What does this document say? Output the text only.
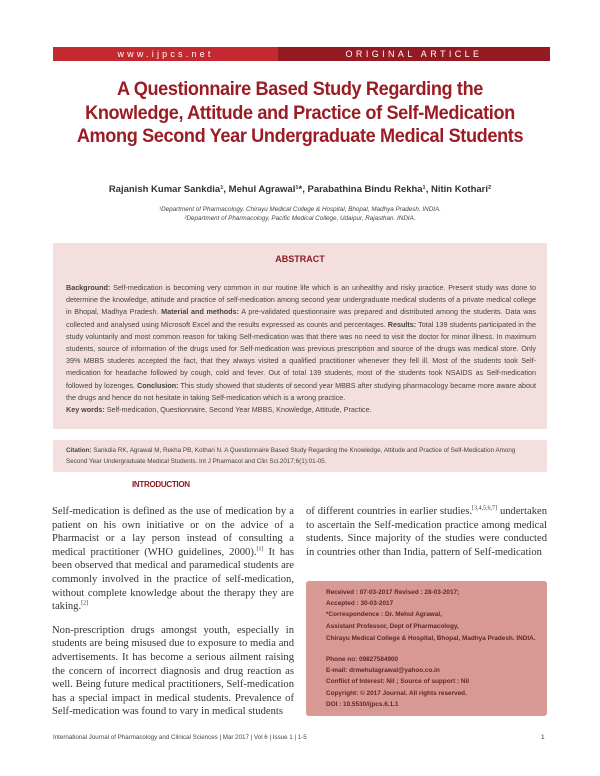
www.ijpcs.net	ORIGINAL ARTICLE
A Questionnaire Based Study Regarding the Knowledge, Attitude and Practice of Self-Medication Among Second Year Undergraduate Medical Students
Rajanish Kumar Sankdia¹, Mehul Agrawal¹*, Parabathina Bindu Rekha¹, Nitin Kothari²
¹Department of Pharmacology, Chirayu Medical College & Hospital, Bhopal, Madhya Pradesh. INDIA.
²Department of Pharmacology, Pacific Medical College, Udaipur, Rajasthan. INDIA.
ABSTRACT

Background: Self-medication is becoming very common in our routine life which is an unhealthy and risky practice. Present study was done to determine the knowledge, attitude and practice of self-medication among second year undergraduate medical students of a private medical college in Bhopal, Madhya Pradesh. Material and methods: A pre-validated questionnaire was prepared and distributed among the students. Data was collected and analysed using Microsoft Excel and the results expressed as counts and percentages. Results: Total 139 students participated in the study voluntarily and most common reason for taking Self-medication was that there was no need to visit the doctor for minor illness. In maximum students, source of information of the drugs used for Self-medication was previous prescription and source of the drugs was medical store. Only 39% MBBS students accepted the fact, that they always visited a qualified practitioner whenever they fell ill. Most of the students took Self-medication for headache followed by cough, cold and fever. Out of total 139 students, most of the students took NSAIDS as Self-medication followed by lozenges. Conclusion: This study showed that students of second year MBBS after studying pharmacology became more aware about the drugs and hence do not hesitate in taking Self-medication which is a wrong practice.
Key words: Self-medication, Questionnaire, Second Year MBBS, Knowledge, Attitude, Practice.

Citation: Sankdia RK, Agrawal M, Rekha PB, Kothari N. A Questionnaire Based Study Regarding the Knowledge, Attitude and Practice of Self-Medication Among Second Year Undergraduate Medical Students. Int J Pharmacol and Clin Sci.2017;6(1):01-05.

INTRODUCTION

Self-medication is defined as the use of medication by a patient on his own initiative or on the advice of a Pharmacist or a lay person instead of consulting a medical practitioner (WHO guidelines, 2000).[1] It has been observed that medical and paramedical students are commonly involved in the practice of self-medication, without complete knowledge about the therapy they are taking.[2]

Non-prescription drugs amongst youth, especially in students are being misused due to exposure to media and advertisements. It has become a serious ailment raising the concern of incorrect diagnosis and drug reaction as well. Being future medical practitioners, Self-medication has a special impact in medical students. Prevalence of Self-medication was found to vary in medical students

of different countries in earlier studies.[3,4,5,6,7] undertaken to ascertain the Self-medication practice among medical students. Since majority of the studies were conducted in countries other than India, pattern of Self-medication

Received : 07-03-2017 Revised : 28-03-2017;
Accepted : 30-03-2017
*Correspondence : Dr. Mehul Agrawal,
Assistant Professor, Dept of Pharmacology,
Chirayu Medical College & Hospital, Bhopal, Madhya Pradesh. INDIA.
Phone no: 09827584900
E-mail: drmehulagrawal@yahoo.co.in
Conflict of Interest: Nil ; Source of support : Nil
Copyright: © 2017 Journal. All rights reserved.
DOI : 10.5530/ijpcs.6.1.1
International Journal of Pharmacology and Clinical Sciences | Mar 2017 | Vol 6 | Issue 1 | 1-5	1
